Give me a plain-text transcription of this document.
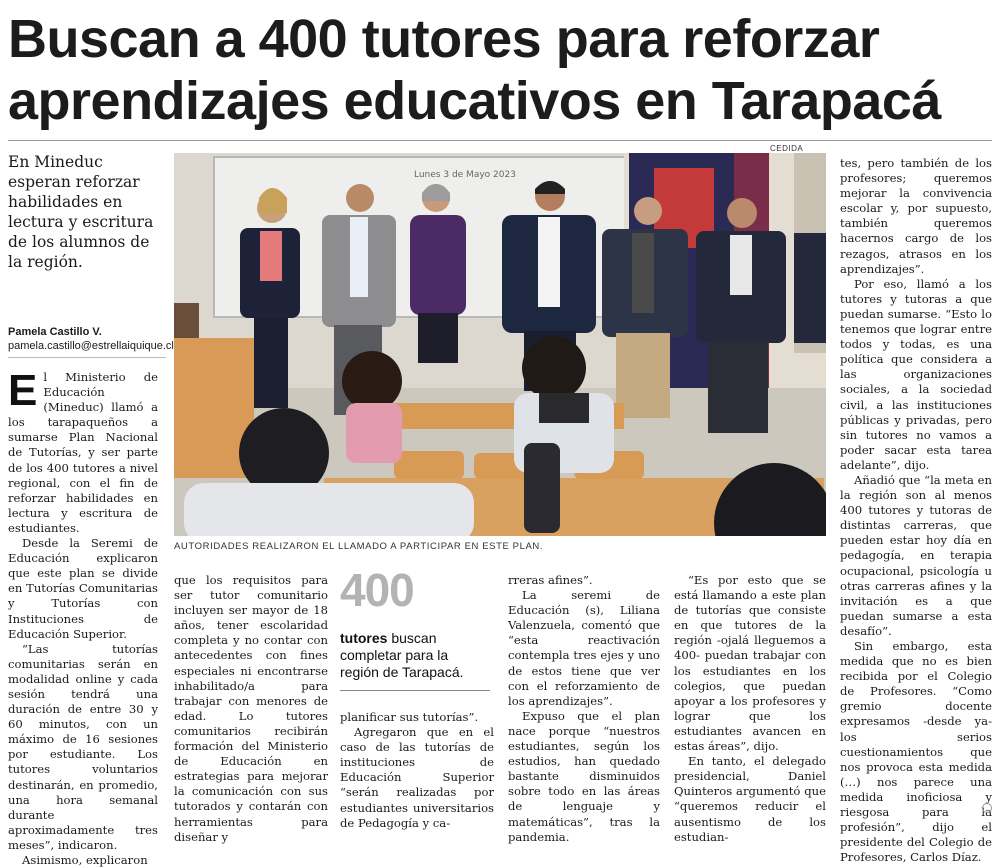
Buscan a 400 tutores para reforzar
aprendizajes educativos en Tarapacá
En Mineduc esperan reforzar habilidades en lectura y escritura de los alumnos de la región.
Pamela Castillo V.
pamela.castillo@estrellaiquique.cl
CEDIDA
Lunes 3 de Mayo 2023
AUTORIDADES REALIZARON EL LLAMADO A PARTICIPAR EN ESTE PLAN.

El Ministerio de Educación (Mineduc) llamó a los tarapaqueños a sumarse Plan Nacional de Tutorías, y ser parte de los 400 tutores a nivel regional, con el fin de reforzar habilidades en lectura y escritura de estudiantes.

Desde la Seremi de Educación explicaron que este plan se divide en Tutorías Comunitarias y Tutorías con Instituciones de Educación Superior.

“Las tutorías comunitarias serán en modalidad online y cada sesión tendrá una duración de entre 30 y 60 minutos, con un máximo de 16 sesiones por estudiante. Los tutores voluntarios destinarán, en promedio, una hora semanal durante aproximadamente tres meses”, indicaron.

Asimismo, explicaron

que los requisitos para ser tutor comunitario incluyen ser mayor de 18 años, tener escolaridad completa y no contar con antecedentes con fines especiales ni encontrarse inhabilitado/a para trabajar con menores de edad. Lo tutores comunitarios recibirán formación del Ministerio de Educación en estrategias para mejorar la comunicación con sus tutorados y contarán con herramientas para diseñar y

400
tutores buscan completar para la región de Tarapacá.

planificar sus tutorías”.

Agregaron que en el caso de las tutorías de instituciones de Educación Superior “serán realizadas por estudiantes universitarios de Pedagogía y ca-

rreras afines”.

La seremi de Educación (s), Liliana Valenzuela, comentó que “esta reactivación contempla tres ejes y uno de estos tiene que ver con el reforzamiento de los aprendizajes”.

Expuso que el plan nace porque “nuestros estudiantes, según los estudios, han quedado bastante disminuidos sobre todo en las áreas de lenguaje y matemáticas”, tras la pandemia.

“Es por esto que se está llamando a este plan de tutorías que consiste en que tutores de la región -ojalá lleguemos a 400- puedan trabajar con los estudiantes en los colegios, que puedan apoyar a los profesores y lograr que los estudiantes avancen en estas áreas”, dijo.

En tanto, el delegado presidencial, Daniel Quinteros argumentó que “queremos reducir el ausentismo de los estudian-

tes, pero también de los profesores; queremos mejorar la convivencia escolar y, por supuesto, también queremos hacernos cargo de los rezagos, atrasos en los aprendizajes”.

Por eso, llamó a los tutores y tutoras a que puedan sumarse. “Esto lo tenemos que lograr entre todos y todas, es una política que considera a las organizaciones sociales, a la sociedad civil, a las instituciones públicas y privadas, pero sin tutores no vamos a poder sacar esta tarea adelante”, dijo.

Añadió que “la meta en la región son al menos 400 tutores y tutoras de distintas carreras, que pueden estar hoy día en pedagogía, en terapia ocupacional, psicología u otras carreras afines y la invitación es a que puedan sumarse a esta desafío”.

Sin embargo, esta medida que no es bien recibida por el Colegio de Profesores. “Como gremio docente expresamos -desde ya- los serios cuestionamientos que nos provoca esta medida (…) nos parece una medida inoficiosa y riesgosa para la profesión”, dijo el presidente del Colegio de Profesores, Carlos Díaz.
